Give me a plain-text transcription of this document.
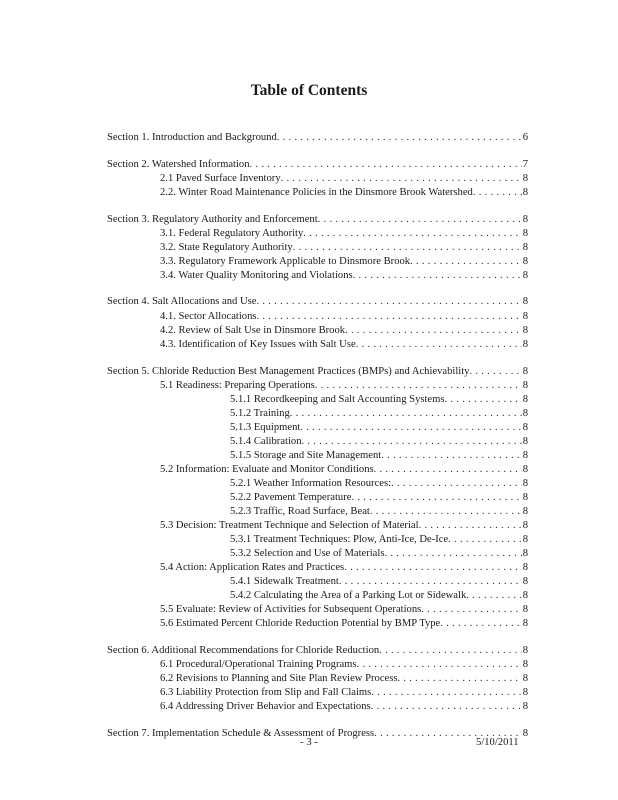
Table of Contents
Section 1. Introduction and Background . . .	6
Section 2. Watershed Information . . .	7
2.1 Paved Surface Inventory . . .	8
2.2. Winter Road Maintenance Policies in the Dinsmore Brook Watershed . . .	8
Section 3. Regulatory Authority and Enforcement . . .	8
3.1. Federal Regulatory Authority . . .	8
3.2. State Regulatory Authority . . .	8
3.3. Regulatory Framework Applicable to Dinsmore Brook . . .	8
3.4. Water Quality Monitoring and Violations . . .	8
Section 4. Salt Allocations and Use . . .	8
4.1. Sector Allocations . . .	8
4.2. Review of Salt Use in Dinsmore Brook . . .	8
4.3. Identification of Key Issues with Salt Use . . .	8
Section 5. Chloride Reduction Best Management Practices (BMPs) and Achievability . . .	8
5.1 Readiness: Preparing Operations . . .	8
5.1.1 Recordkeeping and Salt Accounting Systems . . .	8
5.1.2 Training . . .	8
5.1.3 Equipment . . .	8
5.1.4 Calibration . . .	8
5.1.5 Storage and Site Management . . .	8
5.2 Information: Evaluate and Monitor Conditions . . .	8
5.2.1 Weather Information Resources: . . .	8
5.2.2 Pavement Temperature . . .	8
5.2.3 Traffic, Road Surface, Beat . . .	8
5.3 Decision: Treatment Technique and Selection of Material . . .	8
5.3.1 Treatment Techniques: Plow, Anti-Ice, De-Ice . . .	8
5.3.2 Selection and Use of Materials . . .	8
5.4 Action: Application Rates and Practices . . .	8
5.4.1 Sidewalk Treatment . . .	8
5.4.2 Calculating the Area of a Parking Lot or Sidewalk . . .	8
5.5 Evaluate: Review of Activities for Subsequent Operations . . .	8
5.6 Estimated Percent Chloride Reduction Potential by BMP Type . . .	8
Section 6. Additional Recommendations for Chloride Reduction . . .	8
6.1 Procedural/Operational Training Programs . . .	8
6.2 Revisions to Planning and Site Plan Review Process . . .	8
6.3 Liability Protection from Slip and Fall Claims . . .	8
6.4 Addressing Driver Behavior and Expectations . . .	8
Section 7. Implementation Schedule & Assessment of Progress . . .	8
- 3 -	5/10/2011
